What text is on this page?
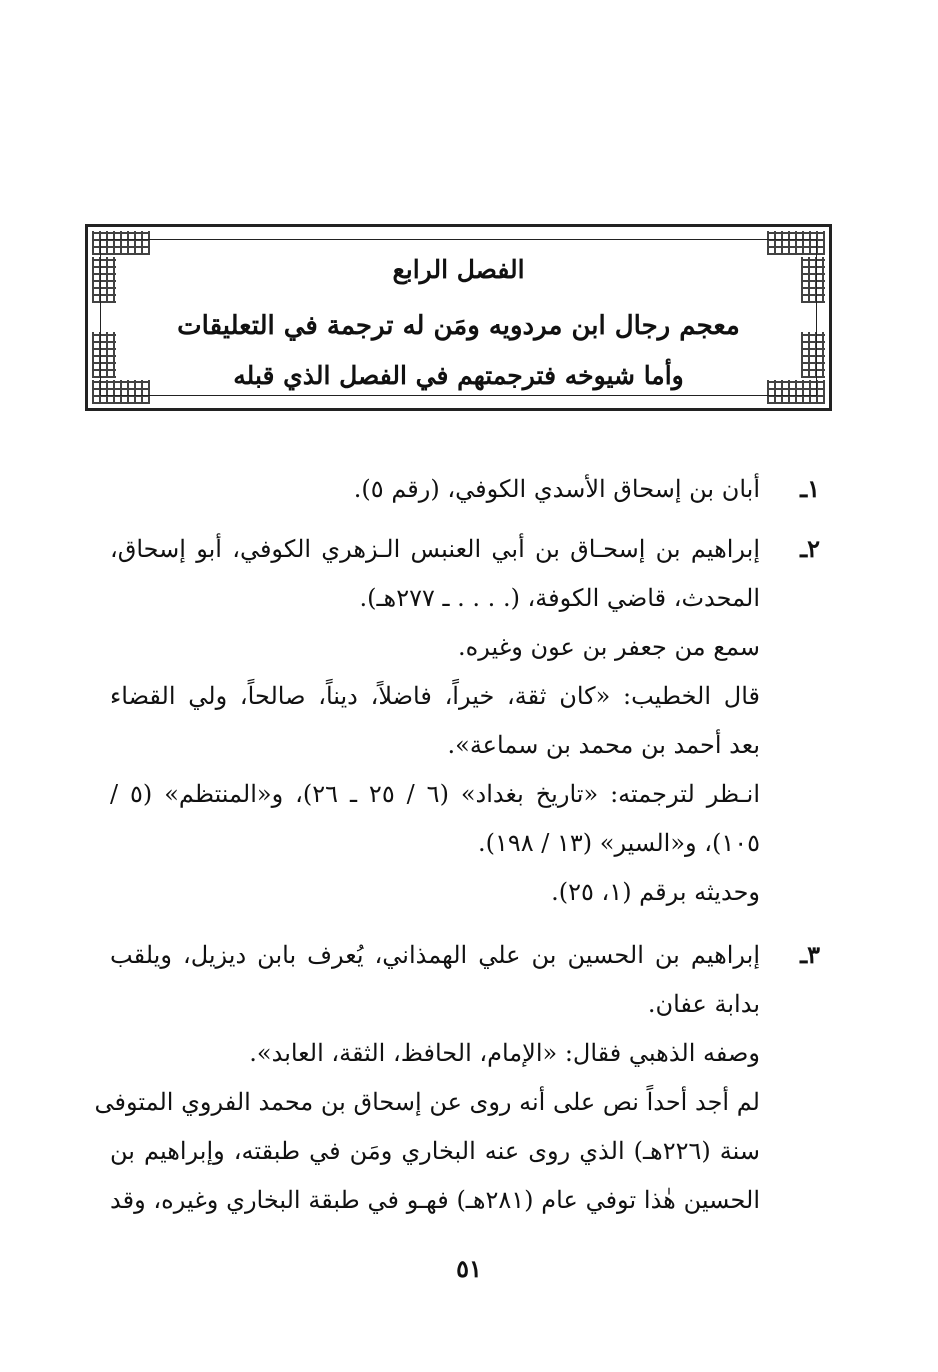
الفصل الرابع
معجم رجال ابن مردويه ومَن له ترجمة في التعليقات
وأما شيوخه فترجمتهم في الفصل الذي قبله
١ـ
أبان بن إسحاق الأسدي الكوفي، (رقم ٥).
٢ـ
إبراهيم بن إسحـاق بن أبي العنبس الـزهري الكوفي، أبو إسحاق،
المحدث، قاضي الكوفة، (. . . . ـ ٢٧٧هـ).
سمع من جعفر بن عون وغيره.
قال الخطيب: «كان ثقة، خيراً، فاضلاً، ديناً، صالحاً، ولي القضاء
بعد أحمد بن محمد بن سماعة».
انـظر لترجمته: «تاريخ بغداد» (٦ / ٢٥ ـ ٢٦)، و«المنتظم» (٥ /
١٠٥)، و«السير» (١٣ / ١٩٨).
وحديثه برقم (١، ٢٥).
٣ـ
إبراهيم بن الحسين بن علي الهمذاني، يُعرف بابن ديزيل، ويلقب
بدابة عفان.
وصفه الذهبي فقال: «الإمام، الحافظ، الثقة، العابد».
لم أجد أحداً نص على أنه روى عن إسحاق بن محمد الفروي المتوفى
سنة (٢٢٦هـ) الذي روى عنه البخاري ومَن في طبقته، وإبراهيم بن
الحسين هٰذا توفي عام (٢٨١هـ) فهـو في طبقة البخاري وغيره، وقد
٥١
